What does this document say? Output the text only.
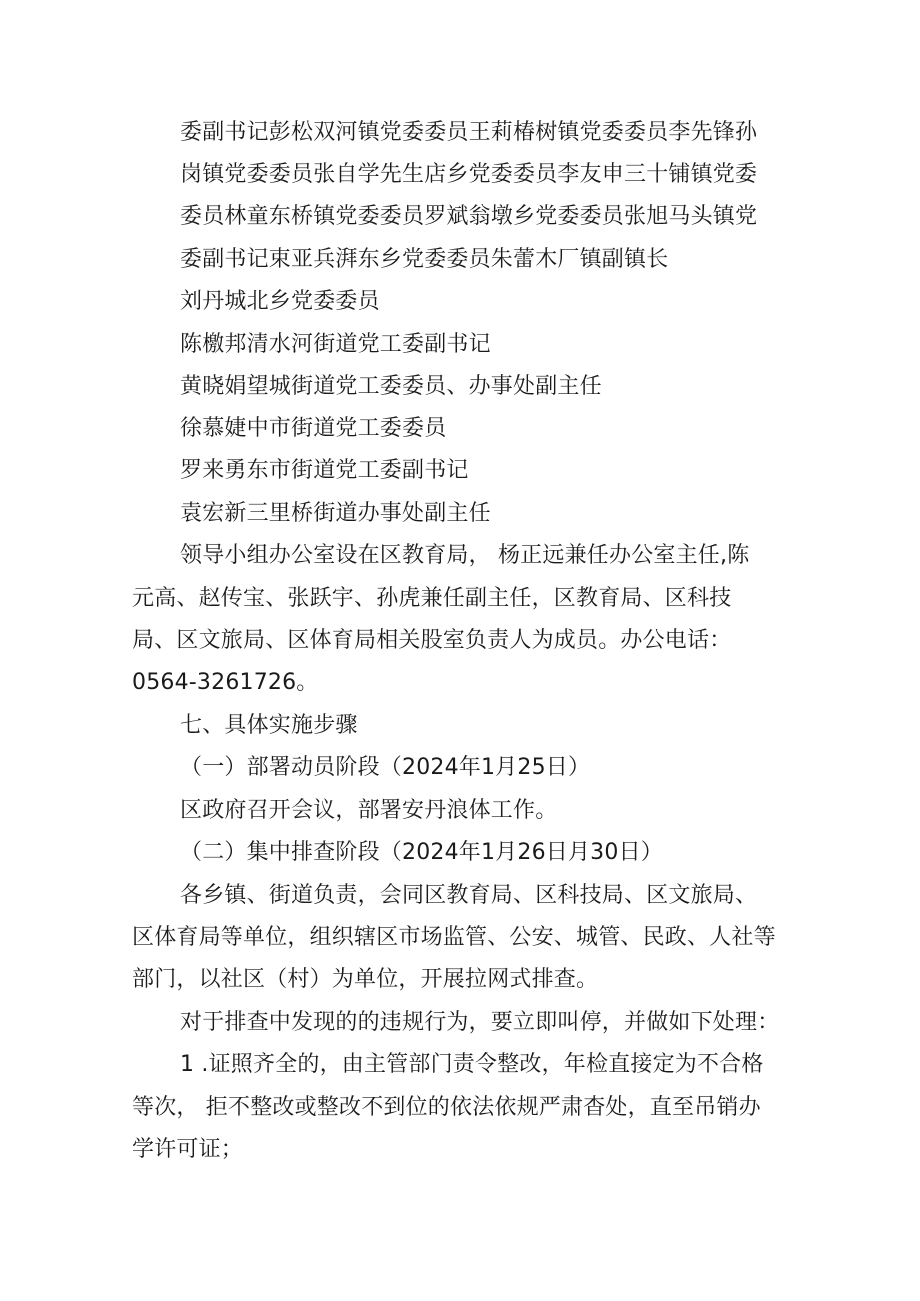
委副书记彭松双河镇党委委员王莉椿树镇党委委员李先锋孙
岗镇党委委员张自学先生店乡党委委员李友申三十铺镇党委
委员林童东桥镇党委委员罗斌翁墩乡党委委员张旭马头镇党
委副书记束亚兵湃东乡党委委员朱蕾木厂镇副镇长
刘丹城北乡党委委员
陈檄邦清水河街道党工委副书记
黄晓娟望城街道党工委委员、办事处副主任
徐慕婕中市街道党工委委员
罗来勇东市街道党工委副书记
袁宏新三里桥街道办事处副主任
领导小组办公室设在区教育局， 杨正远兼任办公室主任,陈
元高、赵传宝、张跃宇、孙虎兼任副主任，区教育局、区科技
局、区文旅局、区体育局相关股室负责人为成员。办公电话：
0564-3261726。
七、具体实施步骤
（一）部署动员阶段（2024年1月25日）
区政府召开会议，部署安丹浪体工作。
（二）集中排查阶段（2024年1月26日月30日）
各乡镇、街道负责，会同区教育局、区科技局、区文旅局、
区体育局等单位，组织辖区市场监管、公安、城管、民政、人社等
部门，以社区（村）为单位，开展拉网式排查。
对于排查中发现的的违规行为，要立即叫停，并做如下处理：
1 .证照齐全的，由主管部门责令整改，年检直接定为不合格
等次， 拒不整改或整改不到位的依法依规严肃杳处，直至吊销办
学许可证；
